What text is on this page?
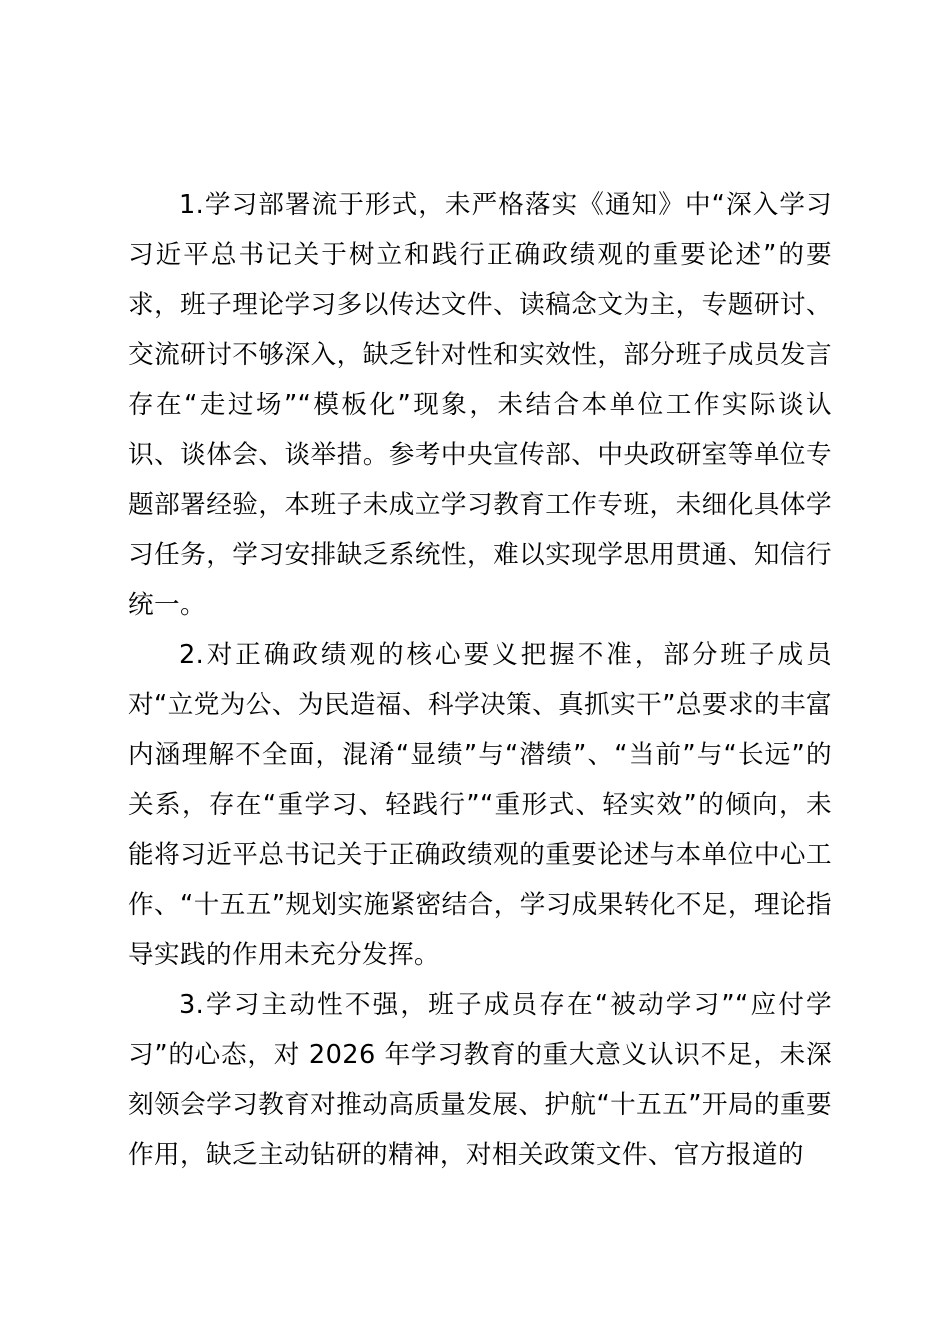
1.学习部署流于形式，未严格落实《通知》中“深入学习习近平总书记关于树立和践行正确政绩观的重要论述”的要求，班子理论学习多以传达文件、读稿念文为主，专题研讨、交流研讨不够深入，缺乏针对性和实效性，部分班子成员发言存在“走过场”“模板化”现象，未结合本单位工作实际谈认识、谈体会、谈举措。参考中央宣传部、中央政研室等单位专题部署经验，本班子未成立学习教育工作专班，未细化具体学习任务，学习安排缺乏系统性，难以实现学思用贯通、知信行统一。

2.对正确政绩观的核心要义把握不准，部分班子成员对“立党为公、为民造福、科学决策、真抓实干”总要求的丰富内涵理解不全面，混淆“显绩”与“潜绩”、“当前”与“长远”的关系，存在“重学习、轻践行”“重形式、轻实效”的倾向，未能将习近平总书记关于正确政绩观的重要论述与本单位中心工作、“十五五”规划实施紧密结合，学习成果转化不足，理论指导实践的作用未充分发挥。

3.学习主动性不强，班子成员存在“被动学习”“应付学习”的心态，对 2026 年学习教育的重大意义认识不足，未深刻领会学习教育对推动高质量发展、护航“十五五”开局的重要作用，缺乏主动钻研的精神，对相关政策文件、官方报道的
